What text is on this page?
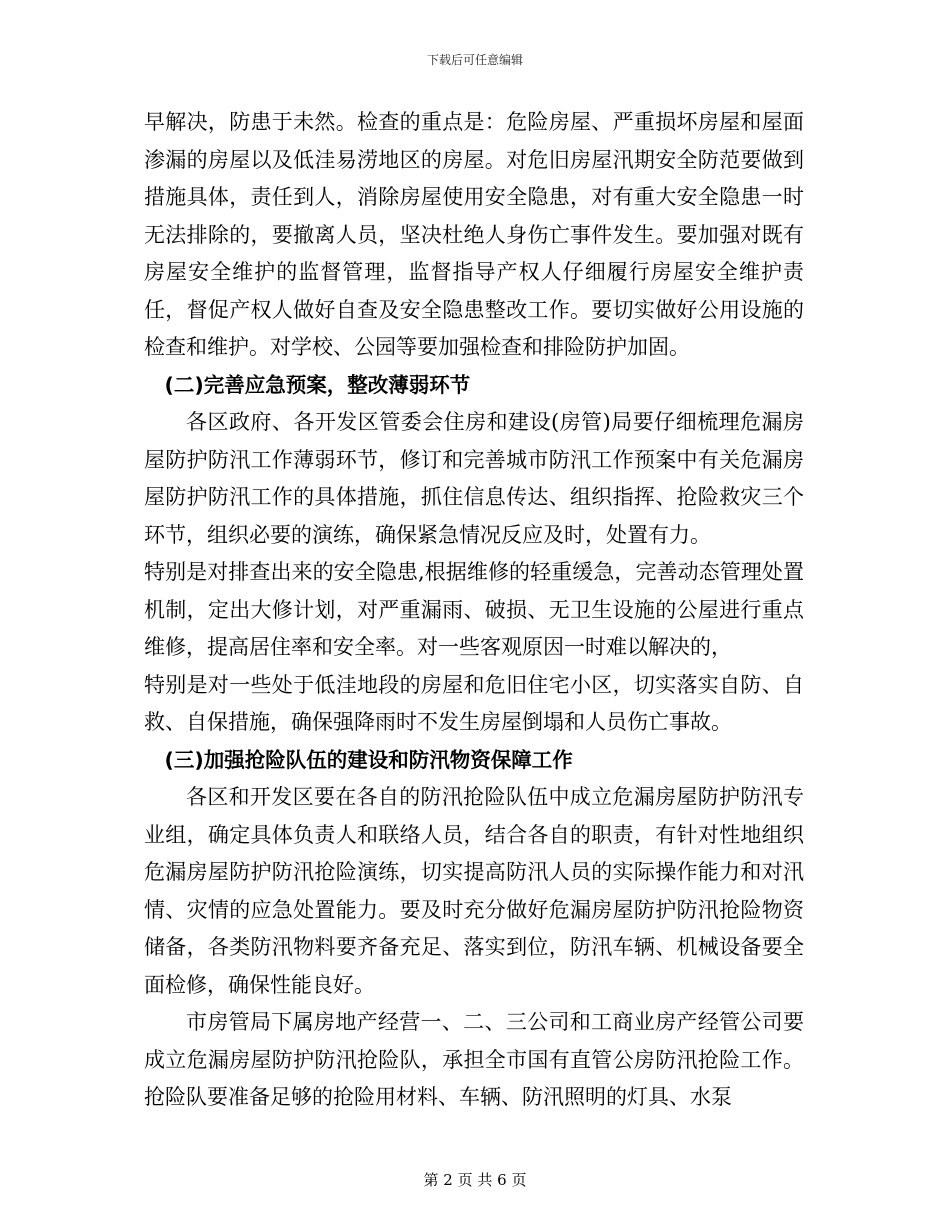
下载后可任意编辑

早解决，防患于未然。检查的重点是：危险房屋、严重损坏房屋和屋面渗漏的房屋以及低洼易涝地区的房屋。对危旧房屋汛期安全防范要做到措施具体，责任到人，消除房屋使用安全隐患，对有重大安全隐患一时无法排除的，要撤离人员，坚决杜绝人身伤亡事件发生。要加强对既有房屋安全维护的监督管理，监督指导产权人仔细履行房屋安全维护责任，督促产权人做好自查及安全隐患整改工作。要切实做好公用设施的检查和维护。对学校、公园等要加强检查和排险防护加固。

(二)完善应急预案，整改薄弱环节

各区政府、各开发区管委会住房和建设(房管)局要仔细梳理危漏房屋防护防汛工作薄弱环节，修订和完善城市防汛工作预案中有关危漏房屋防护防汛工作的具体措施，抓住信息传达、组织指挥、抢险救灾三个环节，组织必要的演练，确保紧急情况反应及时，处置有力。

特别是对排查出来的安全隐患,根据维修的轻重缓急，完善动态管理处置机制，定出大修计划，对严重漏雨、破损、无卫生设施的公屋进行重点维修，提高居住率和安全率。对一些客观原因一时难以解决的，

特别是对一些处于低洼地段的房屋和危旧住宅小区，切实落实自防、自救、自保措施，确保强降雨时不发生房屋倒塌和人员伤亡事故。

(三)加强抢险队伍的建设和防汛物资保障工作

各区和开发区要在各自的防汛抢险队伍中成立危漏房屋防护防汛专业组，确定具体负责人和联络人员，结合各自的职责，有针对性地组织危漏房屋防护防汛抢险演练，切实提高防汛人员的实际操作能力和对汛情、灾情的应急处置能力。要及时充分做好危漏房屋防护防汛抢险物资储备，各类防汛物料要齐备充足、落实到位，防汛车辆、机械设备要全面检修，确保性能良好。

市房管局下属房地产经营一、二、三公司和工商业房产经管公司要成立危漏房屋防护防汛抢险队，承担全市国有直管公房防汛抢险工作。抢险队要准备足够的抢险用材料、车辆、防汛照明的灯具、水泵

第 2 页 共 6 页
